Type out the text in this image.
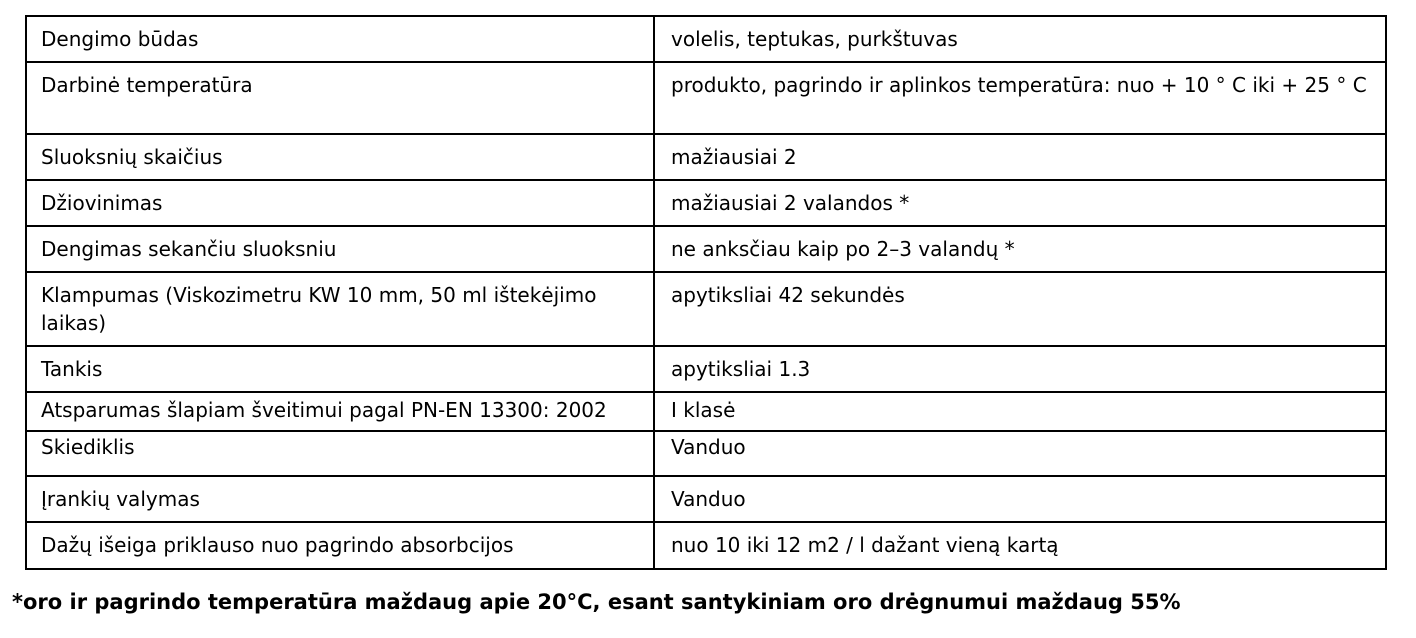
Dengimo būdas	volelis, teptukas, purkštuvas
Darbinė temperatūra	produkto, pagrindo ir aplinkos temperatūra: nuo + 10 ° C iki + 25 ° C
Sluoksnių skaičius	mažiausiai 2
Džiovinimas	mažiausiai 2 valandos *
Dengimas sekančiu sluoksniu	ne anksčiau kaip po 2–3 valandų *
Klampumas (Viskozimetru KW 10 mm, 50 ml ištekėjimo laikas)	apytiksliai 42 sekundės
Tankis	apytiksliai 1.3
Atsparumas šlapiam šveitimui pagal PN-EN 13300: 2002	I klasė
Skiediklis	Vanduo
Įrankių valymas	Vanduo
Dažų išeiga priklauso nuo pagrindo absorbcijos	nuo 10 iki 12 m2 / l dažant vieną kartą
*oro ir pagrindo temperatūra maždaug apie 20°C, esant santykiniam oro drėgnumui maždaug 55%
